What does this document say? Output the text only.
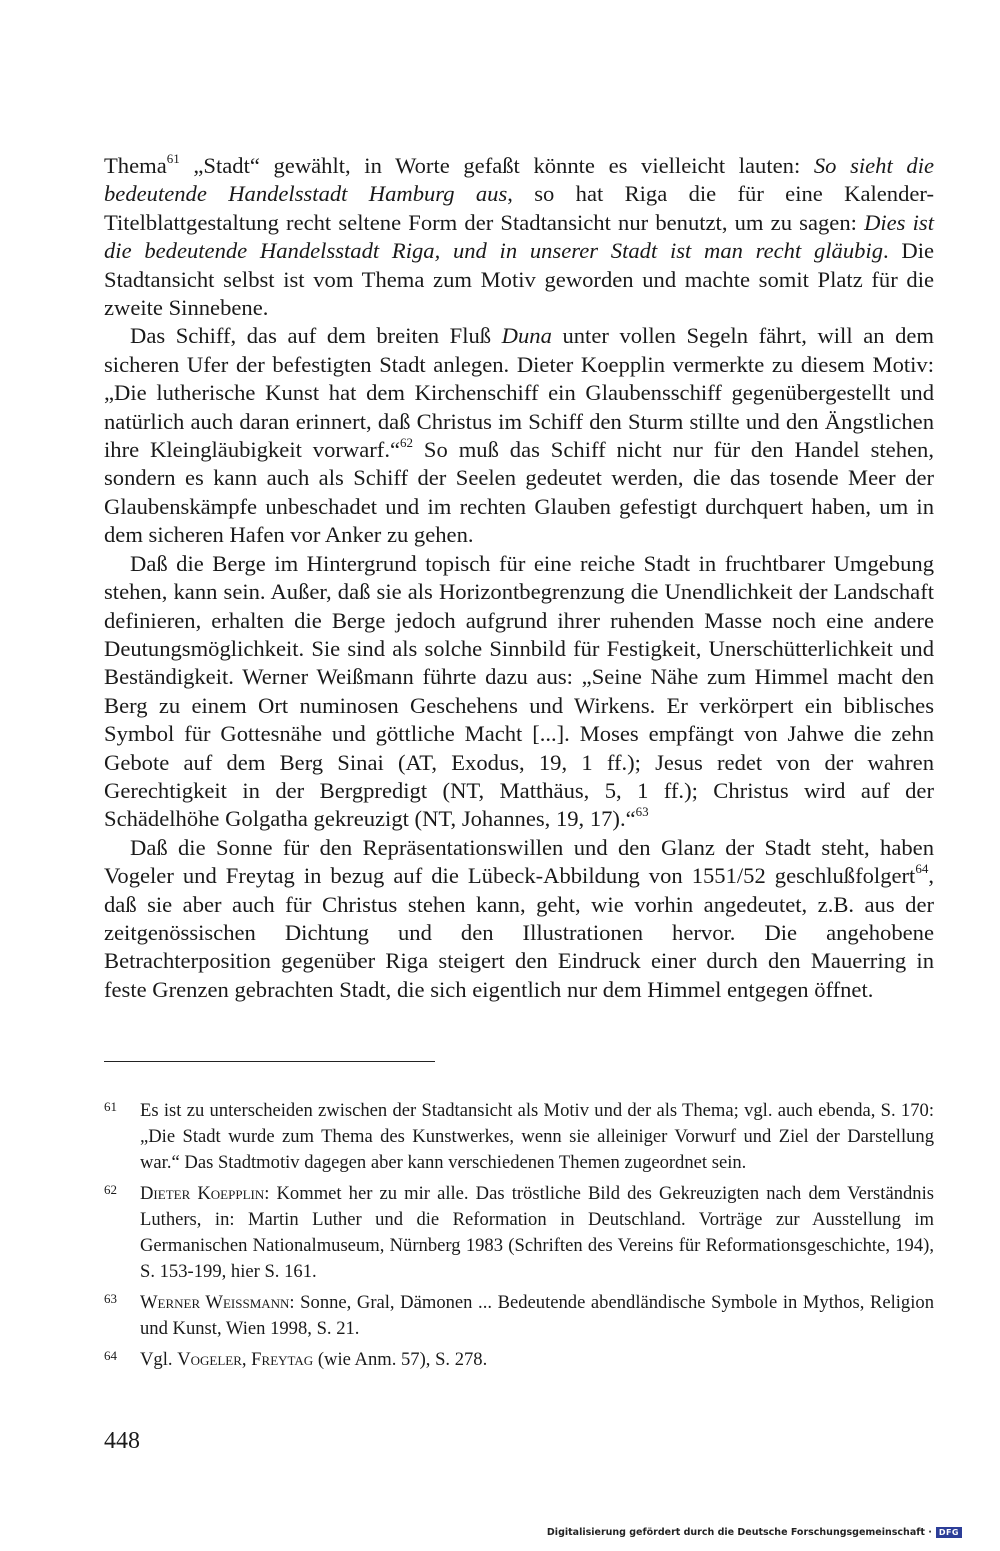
Thema$^{61}$ „Stadt“ gewählt, in Worte gefaßt könnte es vielleicht lauten: So sieht die bedeutende Handelsstadt Hamburg aus, so hat Riga die für eine Kalender-Titelblattgestaltung recht seltene Form der Stadtansicht nur benutzt, um zu sagen: Dies ist die bedeutende Handelsstadt Riga, und in unserer Stadt ist man recht gläubig. Die Stadtansicht selbst ist vom Thema zum Motiv geworden und machte somit Platz für die zweite Sinnebene.

Das Schiff, das auf dem breiten Fluß Duna unter vollen Segeln fährt, will an dem sicheren Ufer der befestigten Stadt anlegen. Dieter Koepplin vermerkte zu diesem Motiv: „Die lutherische Kunst hat dem Kirchenschiff ein Glaubensschiff gegenübergestellt und natürlich auch daran erinnert, daß Christus im Schiff den Sturm stillte und den Ängstlichen ihre Kleingläubigkeit vorwarf.“$^{62}$ So muß das Schiff nicht nur für den Handel stehen, sondern es kann auch als Schiff der Seelen gedeutet werden, die das tosende Meer der Glaubenskämpfe unbeschadet und im rechten Glauben gefestigt durchquert haben, um in dem sicheren Hafen vor Anker zu gehen.

Daß die Berge im Hintergrund topisch für eine reiche Stadt in fruchtbarer Umgebung stehen, kann sein. Außer, daß sie als Horizontbegrenzung die Unendlichkeit der Landschaft definieren, erhalten die Berge jedoch aufgrund ihrer ruhenden Masse noch eine andere Deutungsmöglichkeit. Sie sind als solche Sinnbild für Festigkeit, Unerschütterlichkeit und Beständigkeit. Werner Weißmann führte dazu aus: „Seine Nähe zum Himmel macht den Berg zu einem Ort numinosen Geschehens und Wirkens. Er verkörpert ein biblisches Symbol für Gottesnähe und göttliche Macht [...]. Moses empfängt von Jahwe die zehn Gebote auf dem Berg Sinai (AT, Exodus, 19, 1 ff.); Jesus redet von der wahren Gerechtigkeit in der Bergpredigt (NT, Matthäus, 5, 1 ff.); Christus wird auf der Schädelhöhe Golgatha gekreuzigt (NT, Johannes, 19, 17).“$^{63}$

Daß die Sonne für den Repräsentationswillen und den Glanz der Stadt steht, haben Vogeler und Freytag in bezug auf die Lübeck-Abbildung von 1551/52 geschlußfolgert$^{64}$, daß sie aber auch für Christus stehen kann, geht, wie vorhin angedeutet, z.B. aus der zeitgenössischen Dichtung und den Illustrationen hervor. Die angehobene Betrachterposition gegenüber Riga steigert den Eindruck einer durch den Mauerring in feste Grenzen gebrachten Stadt, die sich eigentlich nur dem Himmel entgegen öffnet.

61	Es ist zu unterscheiden zwischen der Stadtansicht als Motiv und der als Thema; vgl. auch ebenda, S. 170: „Die Stadt wurde zum Thema des Kunstwerkes, wenn sie alleiniger Vorwurf und Ziel der Darstellung war.“ Das Stadtmotiv dagegen aber kann verschiedenen Themen zugeordnet sein.
62	Dieter Koepplin: Kommet her zu mir alle. Das tröstliche Bild des Gekreuzigten nach dem Verständnis Luthers, in: Martin Luther und die Reformation in Deutschland. Vorträge zur Ausstellung im Germanischen Nationalmuseum, Nürnberg 1983 (Schriften des Vereins für Reformationsgeschichte, 194), S. 153-199, hier S. 161.
63	Werner Weissmann: Sonne, Gral, Dämonen ... Bedeutende abendländische Symbole in Mythos, Religion und Kunst, Wien 1998, S. 21.
64	Vgl. Vogeler, Freytag (wie Anm. 57), S. 278.
448
Digitalisierung gefördert durch die Deutsche Forschungsgemeinschaft · DFG
